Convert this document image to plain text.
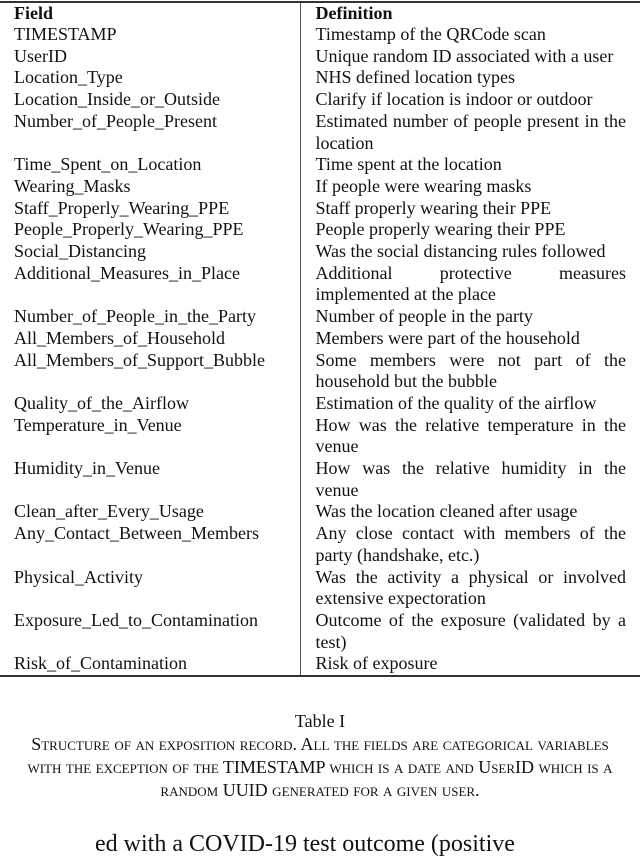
Field	Definition
TIMESTAMP	Timestamp of the QRCode scan
UserID	Unique random ID associated with a user
Location_Type	NHS defined location types
Location_Inside_or_Outside	Clarify if location is indoor or outdoor
Number_of_People_Present	Estimated number of people present in the location
Time_Spent_on_Location	Time spent at the location
Wearing_Masks	If people were wearing masks
Staff_Properly_Wearing_PPE	Staff properly wearing their PPE
People_Properly_Wearing_PPE	People properly wearing their PPE
Social_Distancing	Was the social distancing rules followed
Additional_Measures_in_Place	Additional protective measures implemented at the place
Number_of_People_in_the_Party	Number of people in the party
All_Members_of_Household	Members were part of the household
All_Members_of_Support_Bubble	Some members were not part of the household but the bubble
Quality_of_the_Airflow	Estimation of the quality of the airflow
Temperature_in_Venue	How was the relative temperature in the venue
Humidity_in_Venue	How was the relative humidity in the venue
Clean_after_Every_Usage	Was the location cleaned after usage
Any_Contact_Between_Members	Any close contact with members of the party (handshake, etc.)
Physical_Activity	Was the activity a physical or involved extensive expectoration
Exposure_Led_to_Contamination	Outcome of the exposure (validated by a test)
Risk_of_Contamination	Risk of exposure
Table I
Structure of an exposition record. All the fields are categorical variables with the exception of the TIMESTAMP which is a date and UserID which is a random UUID generated for a given user.
ed with a COVID-19 test outcome (positive
